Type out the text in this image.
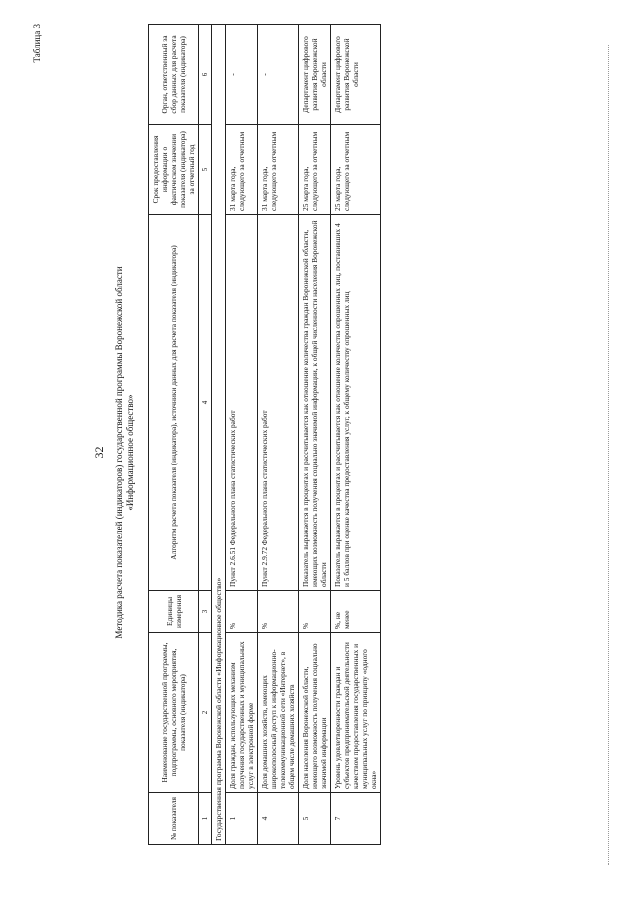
Таблица 3
32 Методика расчета показателей (индикаторов) государственной программы Воронежской области «Информационное общество»
№ показателя	Наименование государственной программы, подпрограммы, основного мероприятия, показателя (индикатора)	Единицы измерения	Алгоритм расчета показателя (индикатора), источники данных для расчета показателя (индикатора)	Срок предоставления информации о фактическом значении показателя (индикатора) за отчетный год	Орган, ответственный за сбор данных для расчета показателя (индикатора)
1	2	3	4	5	6
Государственная программа Воронежской области «Информационное общество»					
1	Доля граждан, использующих механизм получения государственных и муниципальных услуг в электронной форме	%	Пункт 2.6.51 Федерального плана статистических работ	31 марта года, следующего за отчетным	-
4	Доля домашних хозяйств, имеющих широкополосный доступ к информационно-телекоммуникационной сети «Интернет», в общем числе домашних хозяйств	%	Пункт 2.9.72 Федерального плана статистических работ	31 марта года, следующего за отчетным	-
5	Доля населения Воронежской области, имеющего возможность получения социально значимой информации	%	Показатель выражается в процентах и рассчитывается как отношение количества граждан Воронежской области, имеющих возможность получения социально значимой информации, к общей численности населения Воронежской области	25 марта года, следующего за отчетным	Департамент цифрового развития Воронежской области
7	Уровень удовлетворенности граждан и субъектов предпринимательской деятельности качеством предоставления государственных и муниципальных услуг по принципу «одного окна»	%, не менее	Показатель выражается в процентах и рассчитывается как отношение количества опрошенных лиц, поставивших 4 и 5 баллов при оценке качества предоставления услуг, к общему количеству опрошенных лиц	25 марта года, следующего за отчетным	Департамент цифрового развития Воронежской области
